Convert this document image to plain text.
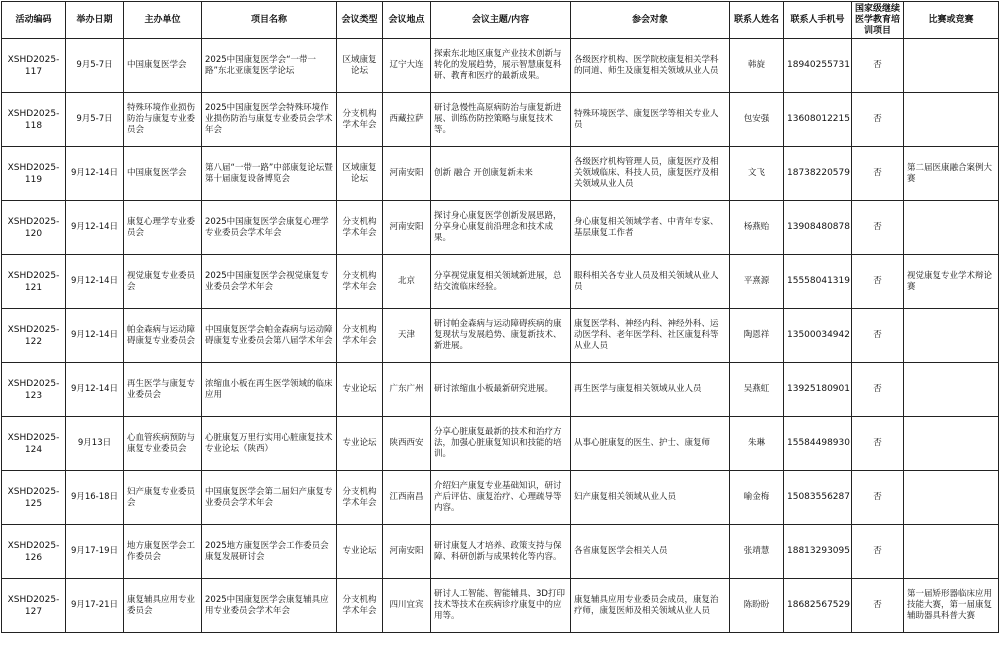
活动编码	举办日期	主办单位	项目名称	会议类型	会议地点	会议主题/内容	参会对象	联系人姓名	联系人手机号	国家级继续医学教育培训项目	比赛或竞赛
XSHD2025-117	9月5-7日	中国康复医学会	2025中国康复医学会“一带一路”东北亚康复医学论坛	区域康复论坛	辽宁大连	探索东北地区康复产业技术创新与转化的发展趋势，展示智慧康复科研、教育和医疗的最新成果。	各级医疗机构、医学院校康复相关学科的同道、师生及康复相关领域从业人员	韩旋	18940255731	否	
XSHD2025-118	9月5-7日	特殊环境作业损伤防治与康复专业委员会	2025中国康复医学会特殊环境作业损伤防治与康复专业委员会学术年会	分支机构学术年会	西藏拉萨	研讨急慢性高原病防治与康复新进展、训练伤防控策略与康复技术等。	特殊环境医学、康复医学等相关专业人员	包安强	13608012215	否	
XSHD2025-119	9月12-14日	中国康复医学会	第八届“一带一路”中部康复论坛暨第十届康复设备博览会	区域康复论坛	河南安阳	创新 融合 开创康复新未来	各级医疗机构管理人员，康复医疗及相关领域临床、科技人员，康复医疗及相关领域从业人员	文飞	18738220579	否	第二届医康融合案例大赛
XSHD2025-120	9月12-14日	康复心理学专业委员会	2025中国康复医学会康复心理学专业委员会学术年会	分支机构学术年会	河南安阳	探讨身心康复医学创新发展思路，分享身心康复前沿理念和技术成果。	身心康复相关领域学者、中青年专家、基层康复工作者	杨燕贻	13908480878	否	
XSHD2025-121	9月12-14日	视觉康复专业委员会	2025中国康复医学会视觉康复专业委员会学术年会	分支机构学术年会	北京	分享视觉康复相关领域新进展，总结交流临床经验。	眼科相关各专业人员及相关领域从业人员	平熹源	15558041319	否	视觉康复专业学术辩论赛
XSHD2025-122	9月12-14日	帕金森病与运动障碍康复专业委员会	中国康复医学会帕金森病与运动障碍康复专业委员会第八届学术年会	分支机构学术年会	天津	研讨帕金森病与运动障碍疾病的康复现状与发展趋势、康复新技术、新进展。	康复医学科、神经内科、神经外科、运动医学科、老年医学科、社区康复科等从业人员	陶恩祥	13500034942	否	
XSHD2025-123	9月12-14日	再生医学与康复专业委员会	浓缩血小板在再生医学领域的临床应用	专业论坛	广东广州	研讨浓缩血小板最新研究进展。	再生医学与康复相关领域从业人员	吴燕虹	13925180901	否	
XSHD2025-124	9月13日	心血管疾病预防与康复专业委员会	心脏康复万里行实用心脏康复技术专业论坛（陕西）	专业论坛	陕西西安	分享心脏康复最新的技术和治疗方法，加强心脏康复知识和技能的培训。	从事心脏康复的医生、护士、康复师	朱琳	15584498930	否	
XSHD2025-125	9月16-18日	妇产康复专业委员会	中国康复医学会第二届妇产康复专业委员会学术年会	分支机构学术年会	江西南昌	介绍妇产康复专业基础知识，研讨产后评估、康复治疗、心理疏导等内容。	妇产康复相关领域从业人员	喻金梅	15083556287	否	
XSHD2025-126	9月17-19日	地方康复医学会工作委员会	2025地方康复医学会工作委员会康复发展研讨会	专业论坛	河南安阳	研讨康复人才培养、政策支持与保障、科研创新与成果转化等内容。	各省康复医学会相关人员	张靖慧	18813293095	否	
XSHD2025-127	9月17-21日	康复辅具应用专业委员会	2025中国康复医学会康复辅具应用专业委员会学术年会	分支机构学术年会	四川宜宾	研讨人工智能、智能辅具、3D打印技术等技术在疾病诊疗康复中的应用等。	康复辅具应用专业委员会成员，康复治疗师，康复医师及相关领域从业人员	陈盼盼	18682567529	否	第一届矫形器临床应用技能大赛，第一届康复辅助器具科普大赛
